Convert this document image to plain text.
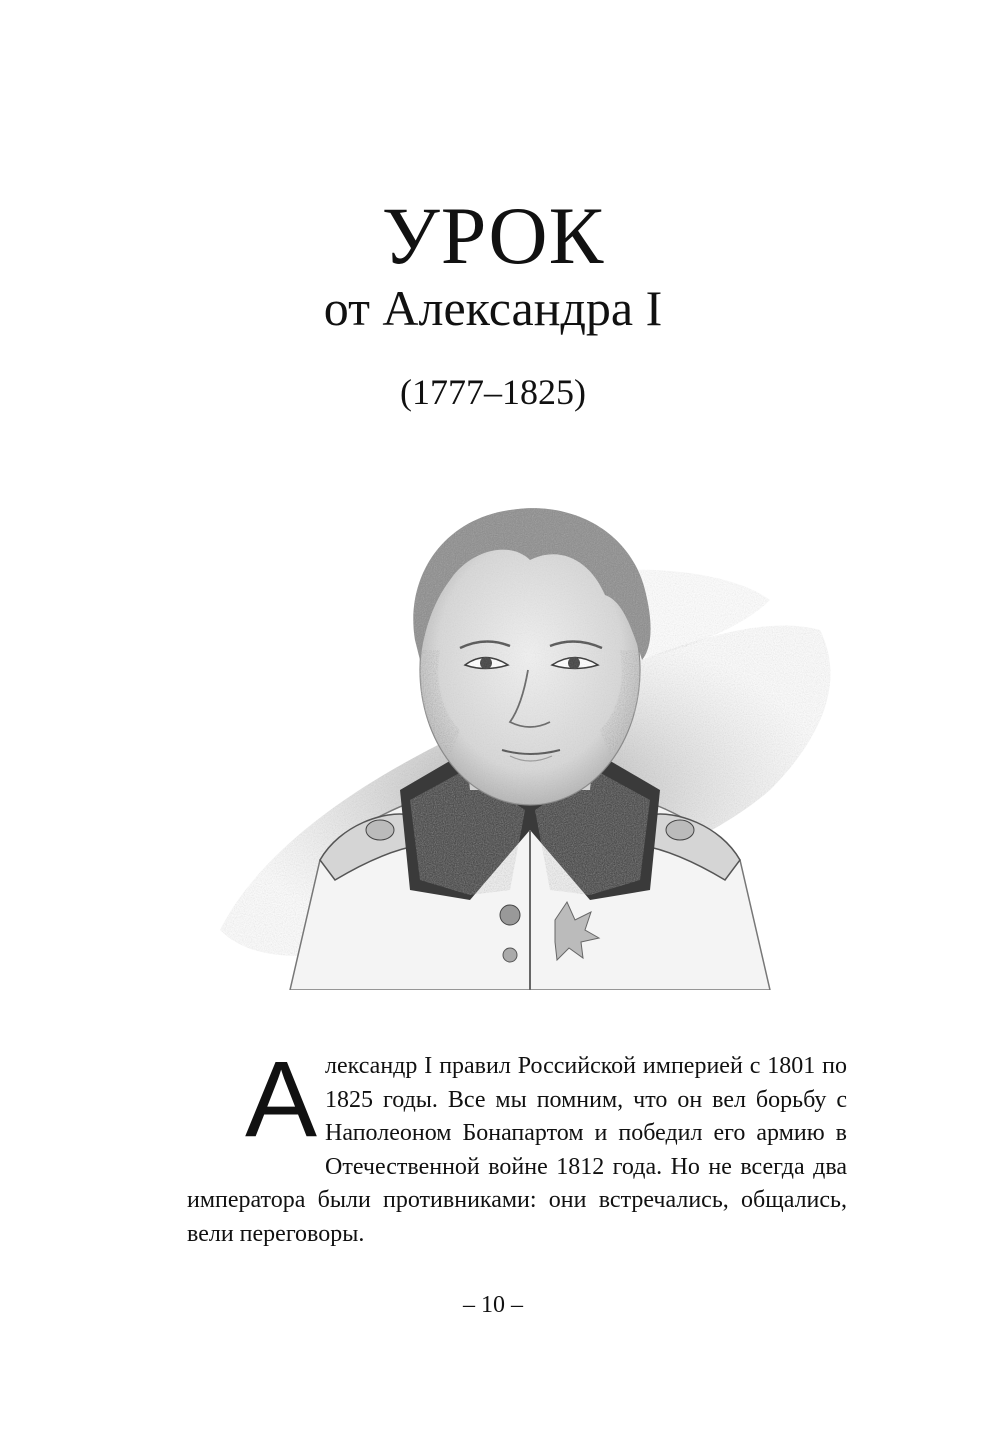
УРОК
от Александра I
(1777–1825)
Александр I правил Российской империей с 1801 по 1825 годы. Все мы помним, что он вел борьбу с Наполеоном Бонапартом и победил его армию в Отечественной войне 1812 года. Но не всегда два императора были противниками: они встречались, общались, вели переговоры.
– 10 –
